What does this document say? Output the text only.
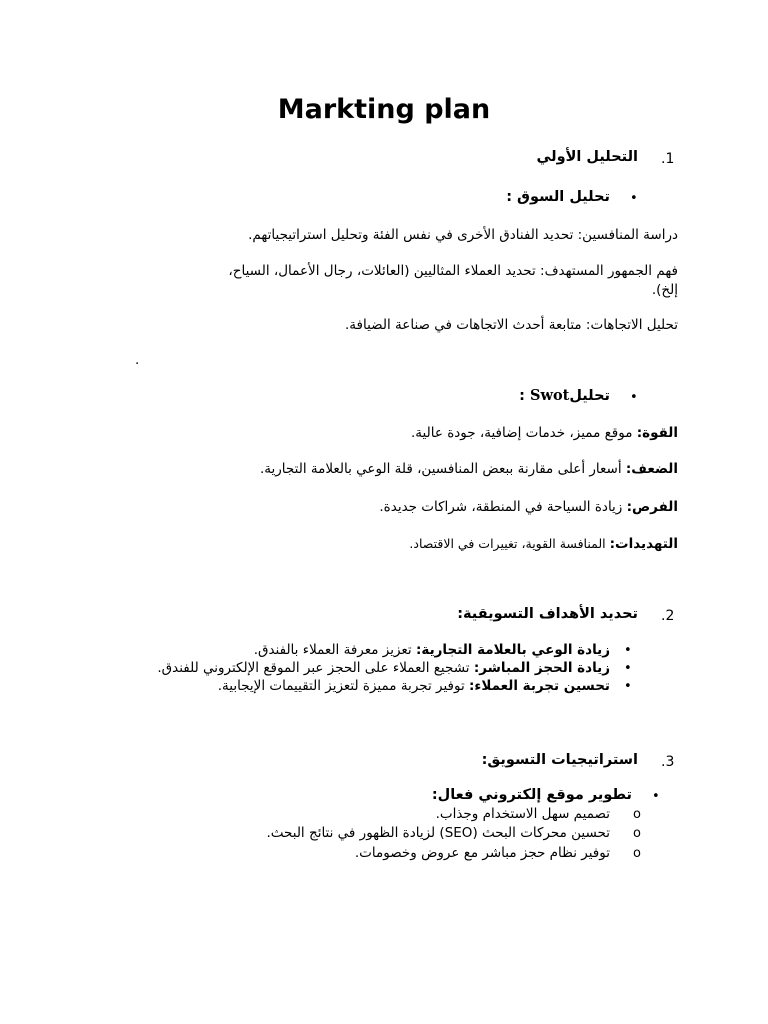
Markting plan
.1
التحليل الأولي
•
تحليل السوق :
دراسة المنافسين: تحديد الفنادق الأخرى في نفس الفئة وتحليل استراتيجياتهم.
فهم الجمهور المستهدف: تحديد العملاء المثاليين (العائلات، رجال الأعمال، السياح،
إلخ).
تحليل الاتجاهات: متابعة أحدث الاتجاهات في صناعة الضيافة.
.
•
تحليلSwot :
القوة: موقع مميز، خدمات إضافية، جودة عالية.
الضعف: أسعار أعلى مقارنة ببعض المنافسين، قلة الوعي بالعلامة التجارية.
الفرص: زيادة السياحة في المنطقة، شراكات جديدة.
التهديدات: المنافسة القوية، تغييرات في الاقتصاد.
.2
تحديد الأهداف التسويقية:
•
زيادة الوعي بالعلامة التجارية: تعزيز معرفة العملاء بالفندق.
•
زيادة الحجز المباشر: تشجيع العملاء على الحجز عبر الموقع الإلكتروني للفندق.
•
تحسين تجربة العملاء: توفير تجربة مميزة لتعزيز التقييمات الإيجابية.
.3
استراتيجيات التسويق:
•
تطوير موقع إلكتروني فعال:
o
تصميم سهل الاستخدام وجذاب.
o
تحسين محركات البحث (SEO) لزيادة الظهور في نتائج البحث.
o
توفير نظام حجز مباشر مع عروض وخصومات.
